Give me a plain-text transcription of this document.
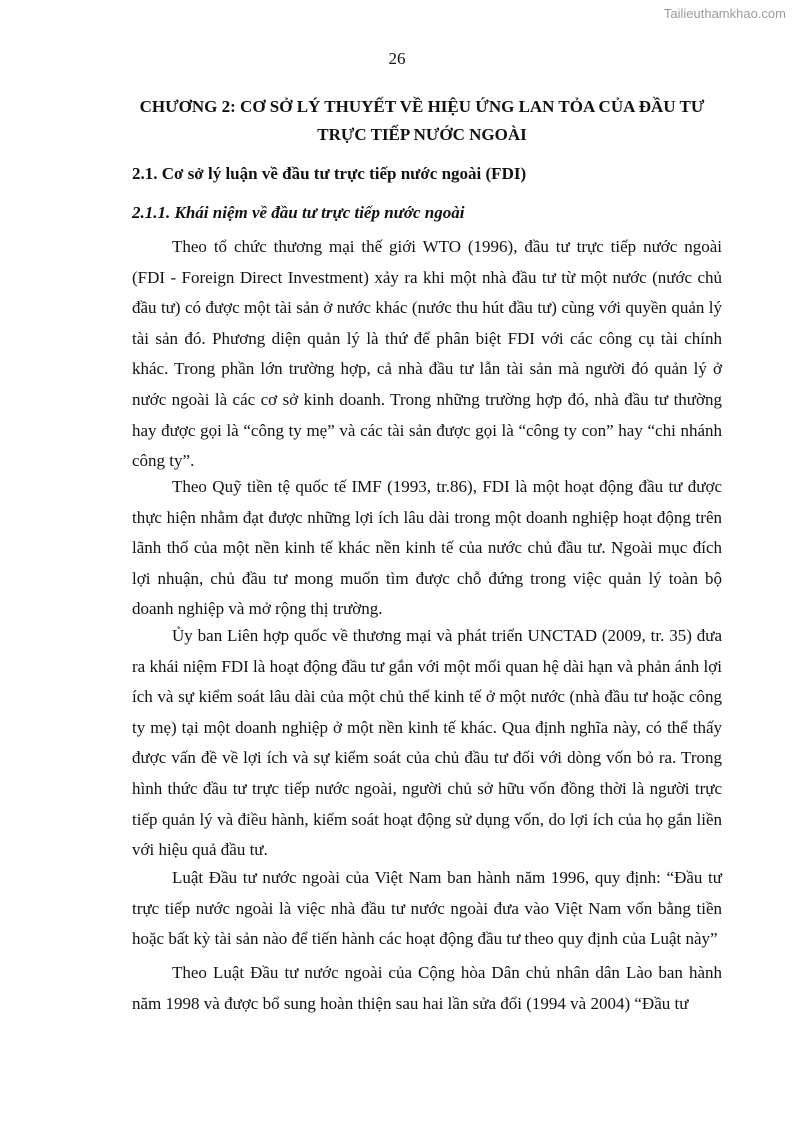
Tailieuthamkhao.com
26
CHƯƠNG 2: CƠ SỞ LÝ THUYẾT VỀ HIỆU ỨNG LAN TỎA CỦA ĐẦU TƯ
TRỰC TIẾP NƯỚC NGOÀI
2.1. Cơ sở lý luận về đầu tư trực tiếp nước ngoài (FDI)
2.1.1. Khái niệm về đầu tư trực tiếp nước ngoài

Theo tổ chức thương mại thế giới WTO (1996), đầu tư trực tiếp nước ngoài (FDI - Foreign Direct Investment) xảy ra khi một nhà đầu tư từ một nước (nước chủ đầu tư) có được một tài sản ở nước khác (nước thu hút đầu tư) cùng với quyền quản lý tài sản đó. Phương diện quản lý là thứ để phân biệt FDI với các công cụ tài chính khác. Trong phần lớn trường hợp, cả nhà đầu tư lẫn tài sản mà người đó quản lý ở nước ngoài là các cơ sở kinh doanh. Trong những trường hợp đó, nhà đầu tư thường hay được gọi là “công ty mẹ” và các tài sản được gọi là “công ty con” hay “chi nhánh công ty”.

Theo Quỹ tiền tệ quốc tế IMF (1993, tr.86), FDI là một hoạt động đầu tư được thực hiện nhằm đạt được những lợi ích lâu dài trong một doanh nghiệp hoạt động trên lãnh thổ của một nền kinh tế khác nền kinh tế của nước chủ đầu tư. Ngoài mục đích lợi nhuận, chủ đầu tư mong muốn tìm được chỗ đứng trong việc quản lý toàn bộ doanh nghiệp và mở rộng thị trường.

Ủy ban Liên hợp quốc về thương mại và phát triển UNCTAD (2009, tr. 35) đưa ra khái niệm FDI là hoạt động đầu tư gắn với một mối quan hệ dài hạn và phản ánh lợi ích và sự kiểm soát lâu dài của một chủ thể kinh tế ở một nước (nhà đầu tư hoặc công ty mẹ) tại một doanh nghiệp ở một nền kinh tế khác. Qua định nghĩa này, có thể thấy được vấn đề về lợi ích và sự kiểm soát của chủ đầu tư đối với dòng vốn bỏ ra. Trong hình thức đầu tư trực tiếp nước ngoài, người chủ sở hữu vốn đồng thời là người trực tiếp quản lý và điều hành, kiểm soát hoạt động sử dụng vốn, do lợi ích của họ gắn liền với hiệu quả đầu tư.

Luật Đầu tư nước ngoài của Việt Nam ban hành năm 1996, quy định: “Đầu tư trực tiếp nước ngoài là việc nhà đầu tư nước ngoài đưa vào Việt Nam vốn bằng tiền hoặc bất kỳ tài sản nào để tiến hành các hoạt động đầu tư theo quy định của Luật này”

Theo Luật Đầu tư nước ngoài của Cộng hòa Dân chủ nhân dân Lào ban hành năm 1998 và được bổ sung hoàn thiện sau hai lần sửa đổi (1994 và 2004) “Đầu tư
